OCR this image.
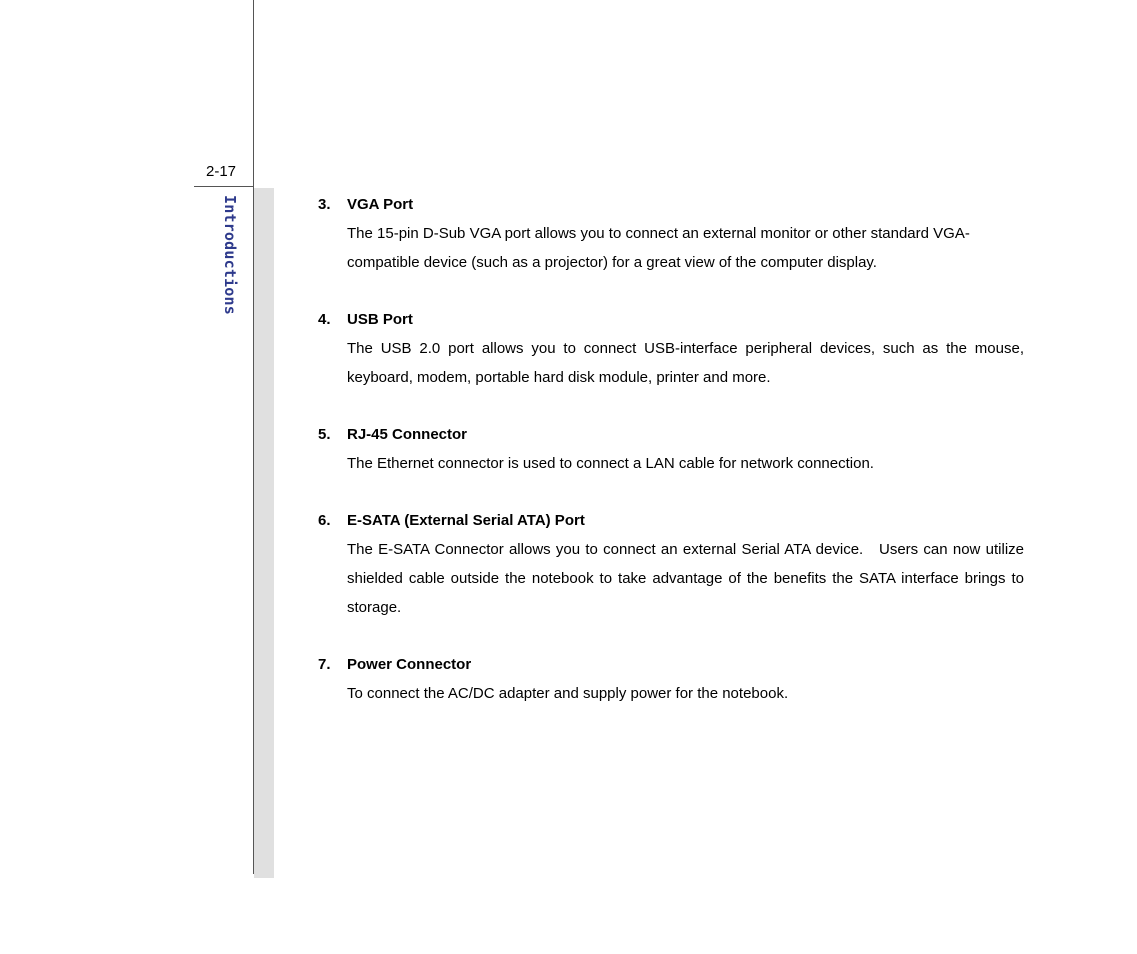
2-17
Introductions	3.	VGA Port
The 15-pin D-Sub VGA port allows you to connect an external monitor or other standard VGA-compatible device (such as a projector) for a great view of the computer display.
4.	USB Port
The USB 2.0 port allows you to connect USB-interface peripheral devices, such as the mouse, keyboard, modem, portable hard disk module, printer and more.
5.	RJ-45 Connector
The Ethernet connector is used to connect a LAN cable for network connection.
6.	E-SATA (External Serial ATA) Port
The E-SATA Connector allows you to connect an external Serial ATA device.   Users can now utilize shielded cable outside the notebook to take advantage of the benefits the SATA interface brings to storage.
7.	Power Connector
To connect the AC/DC adapter and supply power for the notebook.
